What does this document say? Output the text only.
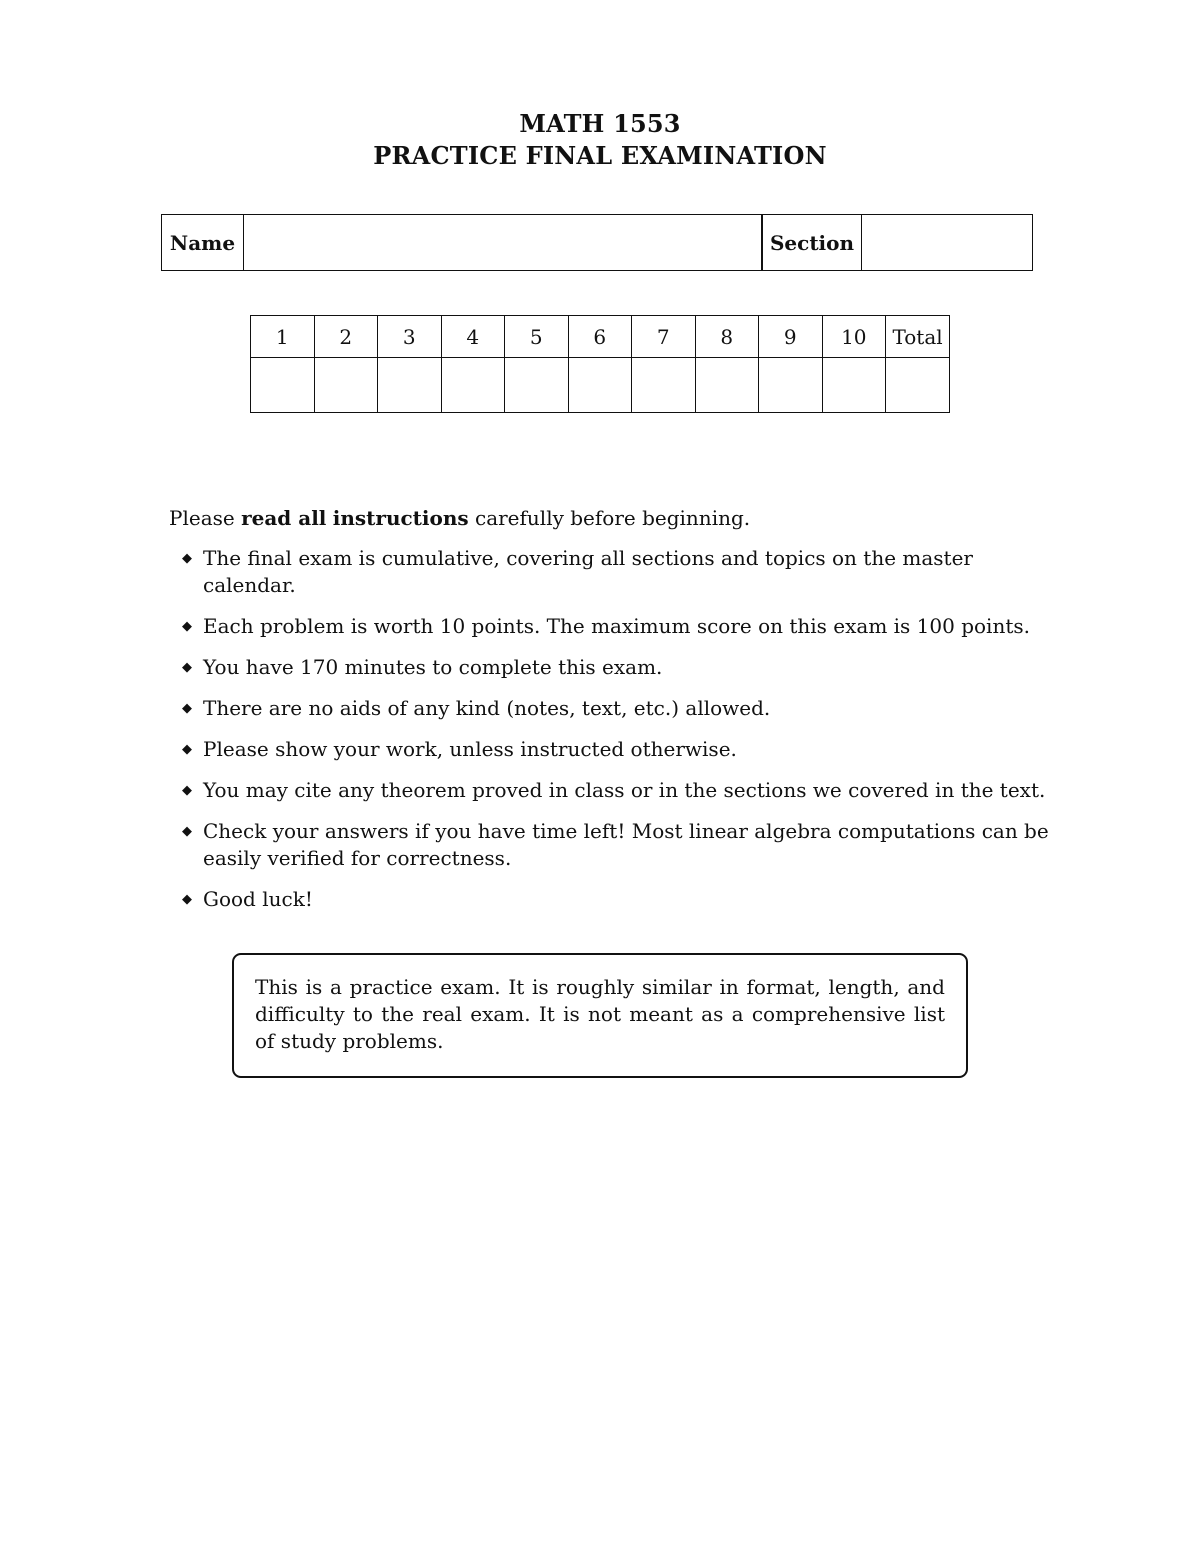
MATH 1553
PRACTICE FINAL EXAMINATION
Name		Section	
1	2	3	4	5	6	7	8	9	10	Total

Please read all instructions carefully before beginning.
◆ The final exam is cumulative, covering all sections and topics on the master calendar.
◆ Each problem is worth 10 points. The maximum score on this exam is 100 points.
◆ You have 170 minutes to complete this exam.
◆ There are no aids of any kind (notes, text, etc.) allowed.
◆ Please show your work, unless instructed otherwise.
◆ You may cite any theorem proved in class or in the sections we covered in the text.
◆ Check your answers if you have time left! Most linear algebra computations can be easily verified for correctness.
◆ Good luck!
This is a practice exam. It is roughly similar in format, length, and difficulty to the real exam. It is not meant as a comprehensive list of study problems.
